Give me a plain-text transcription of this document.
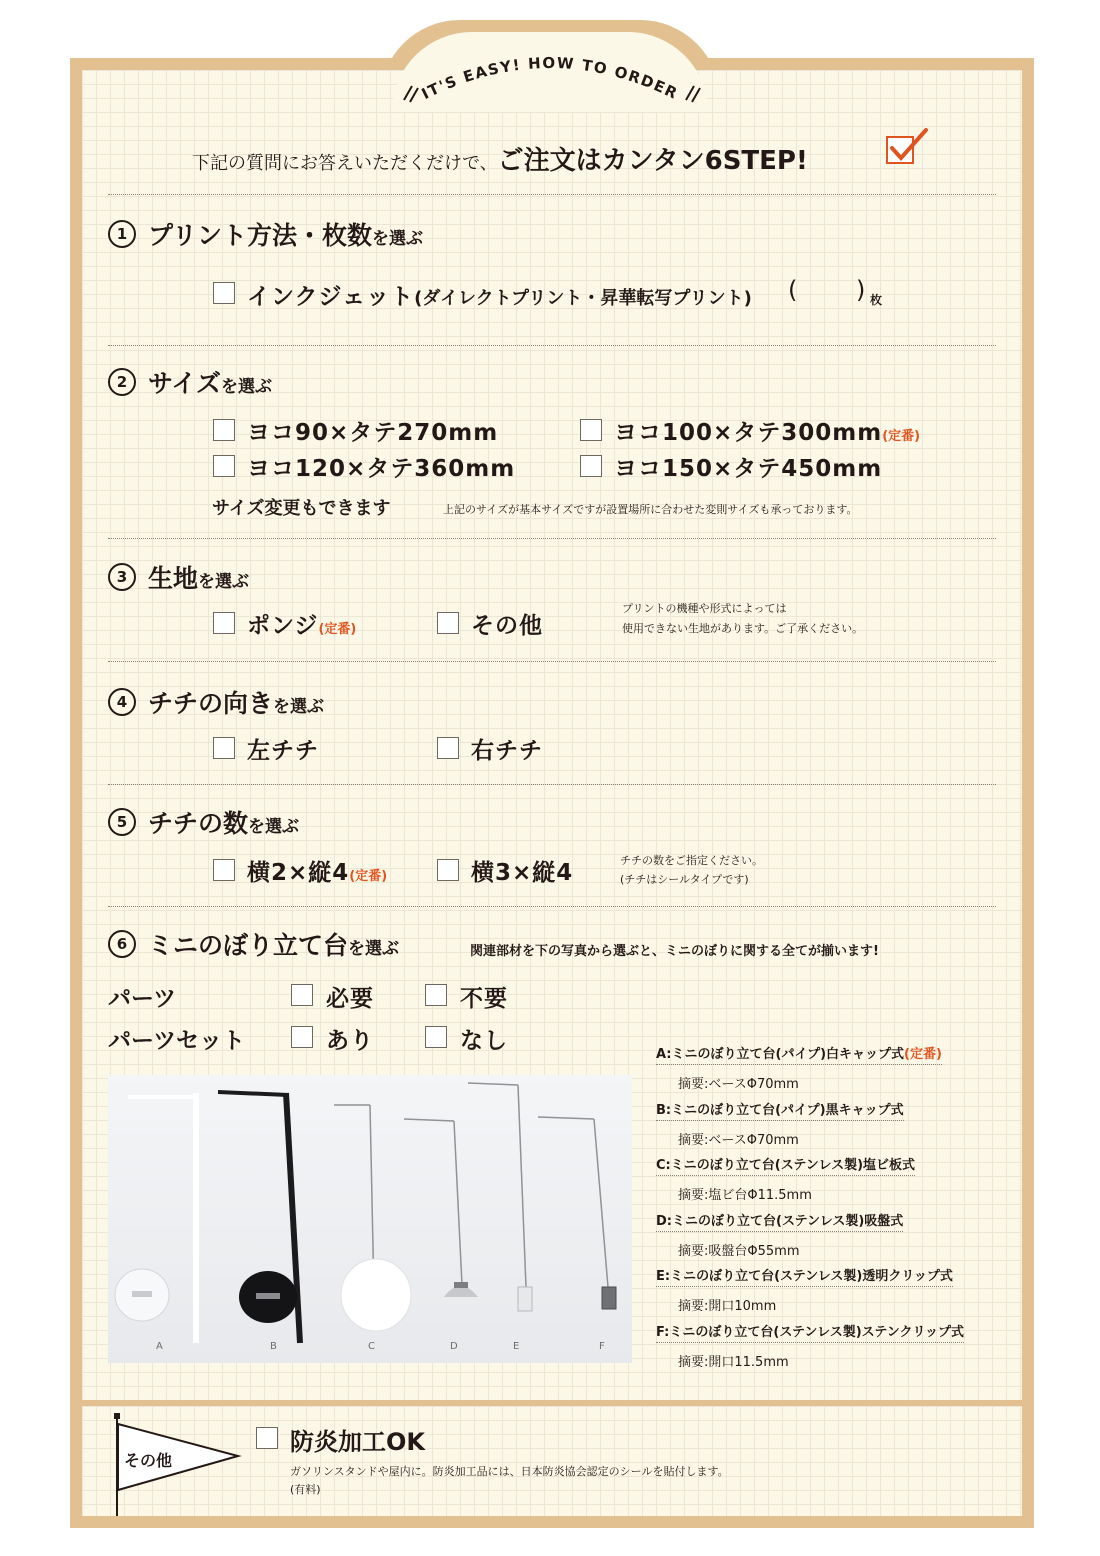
IT'S EASY! HOW TO ORDER
下記の質問にお答えいただくだけで、ご注文はカンタン6STEP!
1 プリント方法・枚数を選ぶ
インクジェット(ダイレクトプリント・昇華転写プリント) ( ) 枚
2 サイズを選ぶ
ヨコ90×タテ270mm	ヨコ100×タテ300mm(定番)
ヨコ120×タテ360mm	ヨコ150×タテ450mm
サイズ変更もできます	上記のサイズが基本サイズですが設置場所に合わせた変則サイズも承っております。
3 生地を選ぶ
ポンジ(定番)	その他
プリントの機種や形式によっては
使用できない生地があります。ご了承ください。
4 チチの向きを選ぶ
左チチ	右チチ
5 チチの数を選ぶ
横2×縦4(定番)	横3×縦4	チチの数をご指定ください。
(チチはシールタイプです)
6 ミニのぼり立て台を選ぶ	関連部材を下の写真から選ぶと、ミニのぼりに関する全てが揃います!
パーツ	必要	不要
パーツセット	あり	なし
A	B	C	D	E	F
A:ミニのぼり立て台(パイプ)白キャップ式(定番)
摘要:ベースΦ70mm
B:ミニのぼり立て台(パイプ)黒キャップ式
摘要:ベースΦ70mm
C:ミニのぼり立て台(ステンレス製)塩ビ板式
摘要:塩ビ台Φ11.5mm
D:ミニのぼり立て台(ステンレス製)吸盤式
摘要:吸盤台Φ55mm
E:ミニのぼり立て台(ステンレス製)透明クリップ式
摘要:開口10mm
F:ミニのぼり立て台(ステンレス製)ステンクリップ式
摘要:開口11.5mm
その他
防炎加工OK
ガソリンスタンドや屋内に。防炎加工品には、日本防炎協会認定のシールを貼付します。
(有料)
